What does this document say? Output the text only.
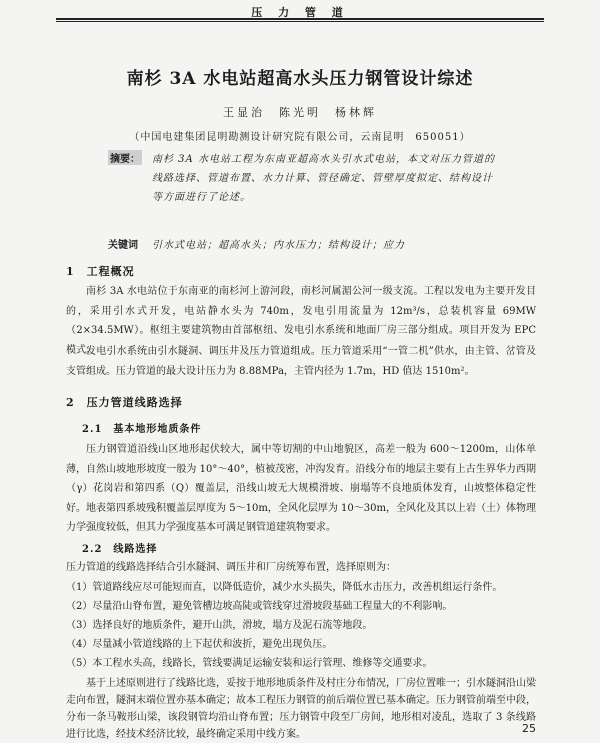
压 力 管 道
南杉 3A 水电站超高水头压力钢管设计综述
王显治　陈光明　杨林辉
（中国电建集团昆明勘测设计研究院有限公司，云南昆明　650051）
摘要： 南杉 3A 水电站工程为东南亚超高水头引水式电站，本文对压力管道的线路选择、管道布置、水力计算、管径确定、管壁厚度拟定、结构设计等方面进行了论述。
关键词 引水式电站；超高水头；内水压力；结构设计；应力
1　工程概况
南杉 3A 水电站位于东南亚的南杉河上游河段，南杉河属湄公河一级支流。工程以发电为主要开发目的，采用引水式开发，电站静水头为 740m，发电引用流量为 12m³/s，总装机容量 69MW（2×34.5MW）。枢纽主要建筑物由首部枢纽、发电引水系统和地面厂房三部分组成。项目开发为 EPC 模式。
发电引水系统由引水隧洞、调压井及压力管道组成。压力管道采用“一管二机”供水，由主管、岔管及支管组成。压力管道的最大设计压力为 8.88MPa，主管内径为 1.7m，HD 值达 1510m²。
2　压力管道线路选择
2.1　基本地形地质条件
压力钢管道沿线山区地形起伏较大，属中等切割的中山地貌区，高差一般为 600～1200m，山体单薄，自然山坡地形坡度一般为 10°～40°，植被茂密，冲沟发育。沿线分布的地层主要有上古生界华力西期（γ）花岗岩和第四系（Q）覆盖层，沿线山坡无大规模滑坡、崩塌等不良地质体发育，山坡整体稳定性好。地表第四系坡残积覆盖层厚度为 5～10m，全风化层厚为 10～30m，全风化及其以上岩（土）体物理力学强度较低，但其力学强度基本可满足钢管道建筑物要求。
2.2　线路选择
压力管道的线路选择结合引水隧洞、调压井和厂房统筹布置，选择原则为：
（1）管道路线应尽可能短而直，以降低造价，减少水头损失，降低水击压力，改善机组运行条件。
（2）尽量沿山脊布置，避免管槽边坡高陡或管线穿过滑坡段基础工程量大的不利影响。
（3）选择良好的地质条件，避开山洪，滑坡，塌方及泥石流等地段。
（4）尽量减小管道线路的上下起伏和波折，避免出现负压。
（5）本工程水头高，线路长，管线要满足运输安装和运行管理、维修等交通要求。
基于上述原则进行了线路比选，妥按于地形地质条件及村庄分布情况，厂房位置唯一；引水隧洞沿山梁走向布置，隧洞末端位置亦基本确定；故本工程压力钢管的前后端位置已基本确定。压力钢管前端至中段，分布一条马鞍形山梁，该段钢管均沿山脊布置；压力钢管中段至厂房间，地形相对凌乱，选取了 3 条线路进行比选，经技术经济比较，最终确定采用中线方案。	25
